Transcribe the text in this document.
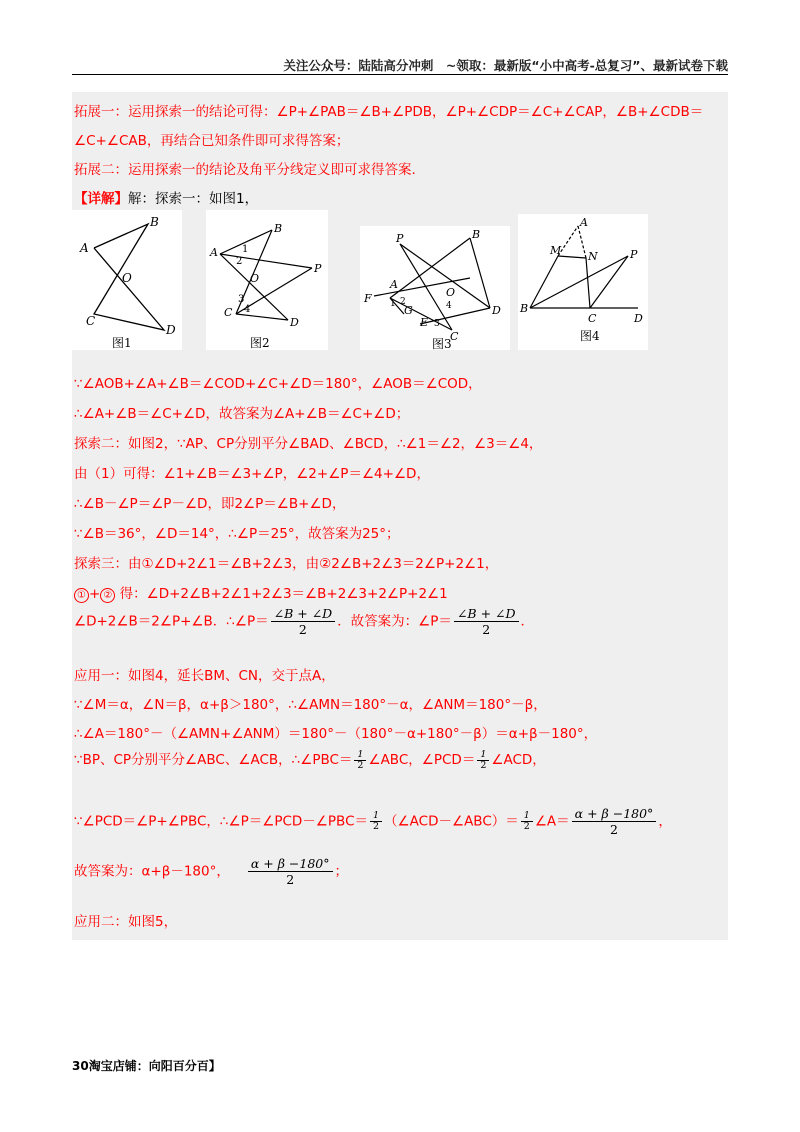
关注公众号：陆陆高分冲刺　~领取：最新版“小中高考-总复习”、最新试卷下载
拓展一：运用探索一的结论可得：∠P+∠PAB＝∠B+∠PDB，∠P+∠CDP＝∠C+∠CAP，∠B+∠CDB＝
∠C+∠CAB，再结合已知条件即可求得答案；
拓展二：运用探索一的结论及角平分线定义即可求得答案.
【详解】解：探索一：如图1，
∵∠AOB+∠A+∠B＝∠COD+∠C+∠D＝180°，∠AOB＝∠COD，
∴∠A+∠B＝∠C+∠D，故答案为∠A+∠B＝∠C+∠D；
探索二：如图2，∵AP、CP分别平分∠BAD、∠BCD，∴∠1＝∠2，∠3＝∠4，
由（1）可得：∠1+∠B＝∠3+∠P，∠2+∠P＝∠4+∠D，
∴∠B－∠P＝∠P－∠D，即2∠P＝∠B+∠D，
∵∠B＝36°，∠D＝14°，∴∠P＝25°，故答案为25°；
探索三：由①∠D+2∠1＝∠B+2∠3，由②2∠B+2∠3＝2∠P+2∠1，
① + ② 得：∠D+2∠B+2∠1+2∠3＝∠B+2∠3+2∠P+2∠1
∠D+2∠B＝2∠P+∠B．∴∠P＝ $\frac{\angle B + \angle D}{2}$ ．故答案为：∠P＝ $\frac{\angle B + \angle D}{2}$ ．
应用一：如图4，延长BM、CN，交于点A，
∵∠M＝α，∠N＝β，α+β＞180°，∴∠AMN＝180°－α，∠ANM＝180°－β，
∴∠A＝180°－（∠AMN+∠ANM）＝180°－（180°－α+180°－β）＝α+β－180°，
∵BP、CP分别平分∠ABC、∠ACB，∴∠PBC＝ $\frac{1}{2}$ ∠ABC，∠PCD＝ $\frac{1}{2}$ ∠ACD，
∵∠PCD＝∠P+∠PBC，∴∠P＝∠PCD－∠PBC＝ $\frac{1}{2}$ （∠ACD－∠ABC）＝ $\frac{1}{2}$ ∠A＝ $\frac{\alpha + \beta -180^\circ}{2}$ ，
故答案为：α+β－180°， $\frac{\alpha + \beta -180^\circ}{2}$ ；
应用二：如图5，
A
B
O
C
D
图1
A
B
O
P
C
D
1
2
3
4
图2
P
A
F	O
G
E
C
D
B
1 2
3
4
图3
A
M N	P
B
C	D
图4
30淘宝店铺：向阳百分百】
